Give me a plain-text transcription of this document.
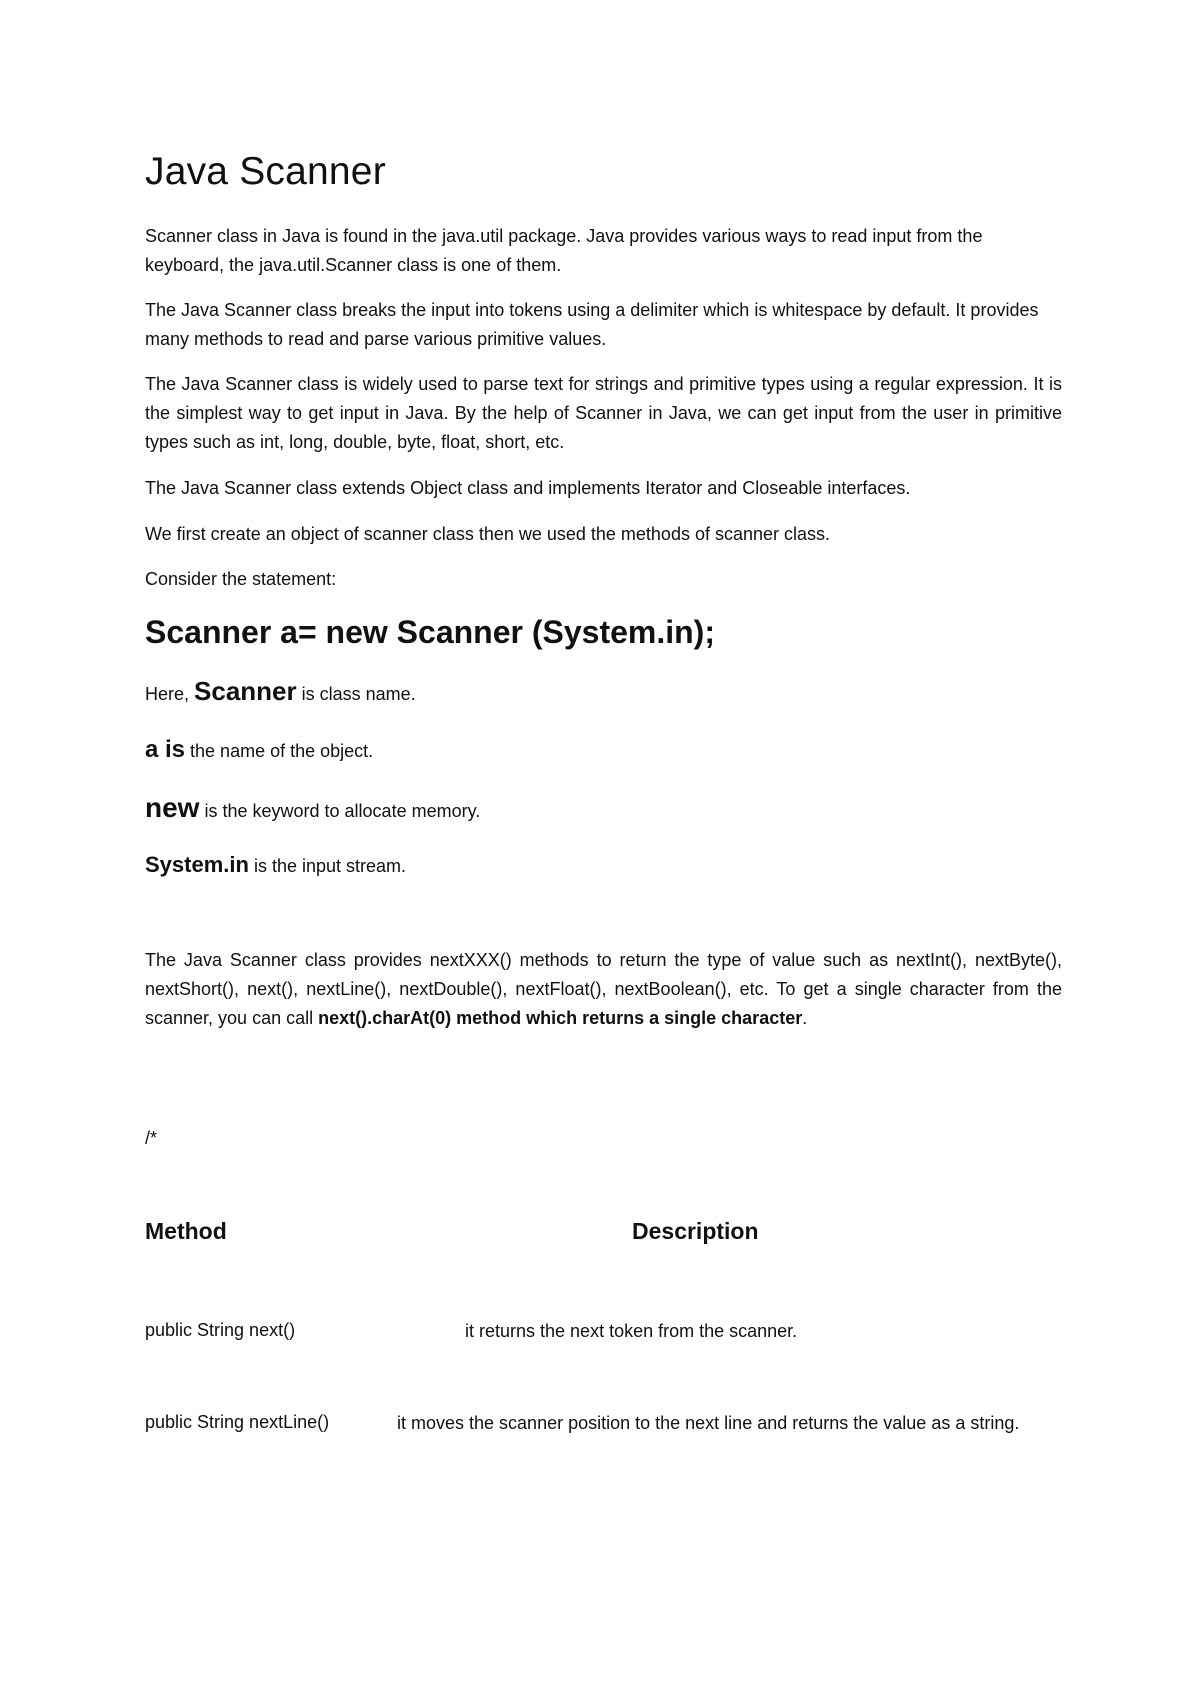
Java Scanner

Scanner class in Java is found in the java.util package. Java provides various ways to read input from the keyboard, the java.util.Scanner class is one of them.

The Java Scanner class breaks the input into tokens using a delimiter which is whitespace by default. It provides many methods to read and parse various primitive values.

The Java Scanner class is widely used to parse text for strings and primitive types using a regular expression. It is the simplest way to get input in Java. By the help of Scanner in Java, we can get input from the user in primitive types such as int, long, double, byte, float, short, etc.

The Java Scanner class extends Object class and implements Iterator and Closeable interfaces.

We first create an object of scanner class then we used the methods of scanner class.

Consider the statement:

Scanner a= new Scanner (System.in);

Here, Scanner is class name.

a is the name of the object.

new is the keyword to allocate memory.

System.in is the input stream.

The Java Scanner class provides nextXXX() methods to return the type of value such as nextInt(), nextByte(), nextShort(), next(), nextLine(), nextDouble(), nextFloat(), nextBoolean(), etc. To get a single character from the scanner, you can call next().charAt(0) method which returns a single character.

/*
Method	Description
public String next()	it returns the next token from the scanner.
public String nextLine()	it moves the scanner position to the next line and returns the value as a string.
